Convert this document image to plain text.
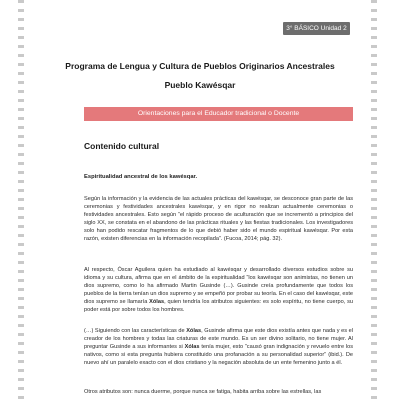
3° BÁSICO Unidad 2
Programa de Lengua y Cultura de Pueblos Originarios Ancestrales
Pueblo Kawésqar
Orientaciones para el Educador tradicional o Docente
Contenido cultural
Espiritualidad ancestral de los kawésqar.

Según la información y la evidencia de las actuales prácticas del kawésqar, se desconoce gran parte de las ceremonias y festividades ancestrales kawésqar, y en rigor no realizan actualmente ceremonias o festividades ancestrales. Esto según “el rápido proceso de aculturación que se incrementó a principios del siglo XX, se constata en el abandono de las prácticas rituales y las fiestas tradicionales. Los investigadores solo han podido rescatar fragmentos de lo que debió haber sido el mundo espiritual kawésqar. Por esta razón, existen diferencias en la información recopilada”. (Fucoa, 2014; pág. 32).

Al respecto, Óscar Aguilera quien ha estudiado al kawésqar y desarrollado diversos estudios sobre su idioma y su cultura, afirma que en el ámbito de la espiritualidad “los kawésqar son animistas, no tienen un dios supremo, como lo ha afirmado Martin Gusinde (…). Gusinde creía profundamente que todos los pueblos de la tierra tenían un dios supremo y se empeñó por probar su teoría. En el caso del kawésqar, este dios supremo se llamaría Xólas, quien tendría los atributos siguientes: es solo espíritu, no tiene cuerpo, su poder está por sobre todos los hombres.

(…) Siguiendo con las características de Xólas, Gusinde afirma que este dios existía antes que nada y es el creador de los hombres y todas las criaturas de este mundo. Es un ser divino solitario, no tiene mujer. Al preguntar Gusinde a sus informantes si Xólas tenía mujer, esto “causó gran indignación y revuelo entre los nativos, como si esta pregunta hubiera constituido una profanación a su personalidad superior” (ibid.). De nuevo ahí un paralelo exacto con el dios cristiano y la negación absoluta de un ente femenino junto a él.

Otros atributos son: nunca duerme, porque nunca se fatiga, habita arriba sobre las estrellas, las
